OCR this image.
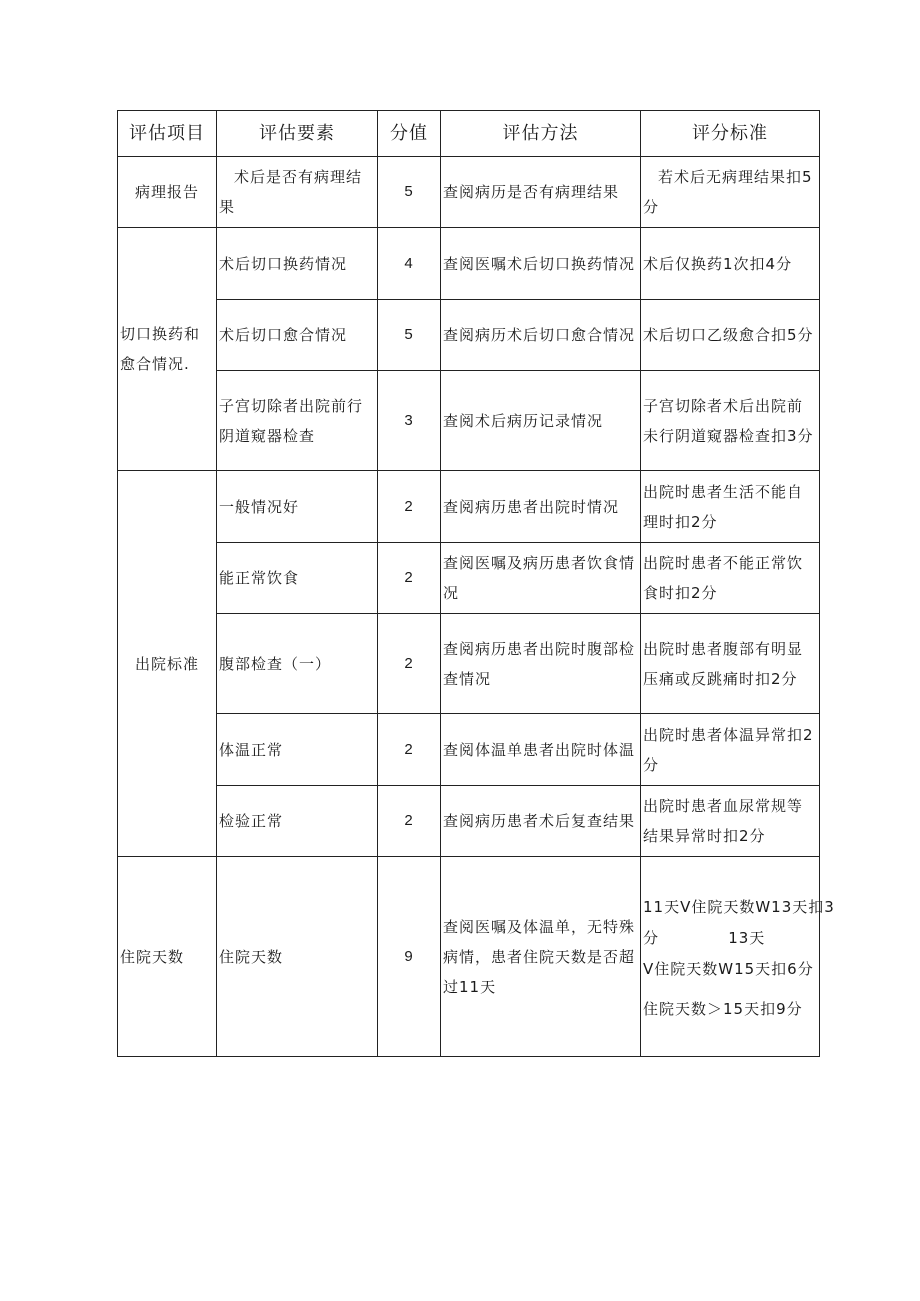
评估项目	评估要素	分值	评估方法	评分标准
病理报告	术后是否有病理结果	5	查阅病历是否有病理结果	若术后无病理结果扣5分
切口换药和愈合情况.	术后切口换药情况	4	查阅医嘱术后切口换药情况	术后仅换药1次扣4分
	术后切口愈合情况	5	查阅病历术后切口愈合情况	术后切口乙级愈合扣5分
	子宫切除者出院前行阴道窥器检查	3	查阅术后病历记录情况	子宫切除者术后出院前未行阴道窥器检查扣3分
出院标准	一般情况好	2	查阅病历患者出院时情况	出院时患者生活不能自理时扣2分
	能正常饮食	2	查阅医嘱及病历患者饮食情况	出院时患者不能正常饮食时扣2分
	腹部检查（一）	2	查阅病历患者出院时腹部检查情况	出院时患者腹部有明显压痛或反跳痛时扣2分
	体温正常	2	查阅体温单患者出院时体温	出院时患者体温异常扣2分
	检验正常	2	查阅病历患者术后复查结果	出院时患者血尿常规等结果异常时扣2分
住院天数	住院天数	9	查阅医嘱及体温单，无特殊病情，患者住院天数是否超过11天	11天V住院天数W13天扣3
分            13天
V住院天数W15天扣6分
住院天数＞15天扣9分
